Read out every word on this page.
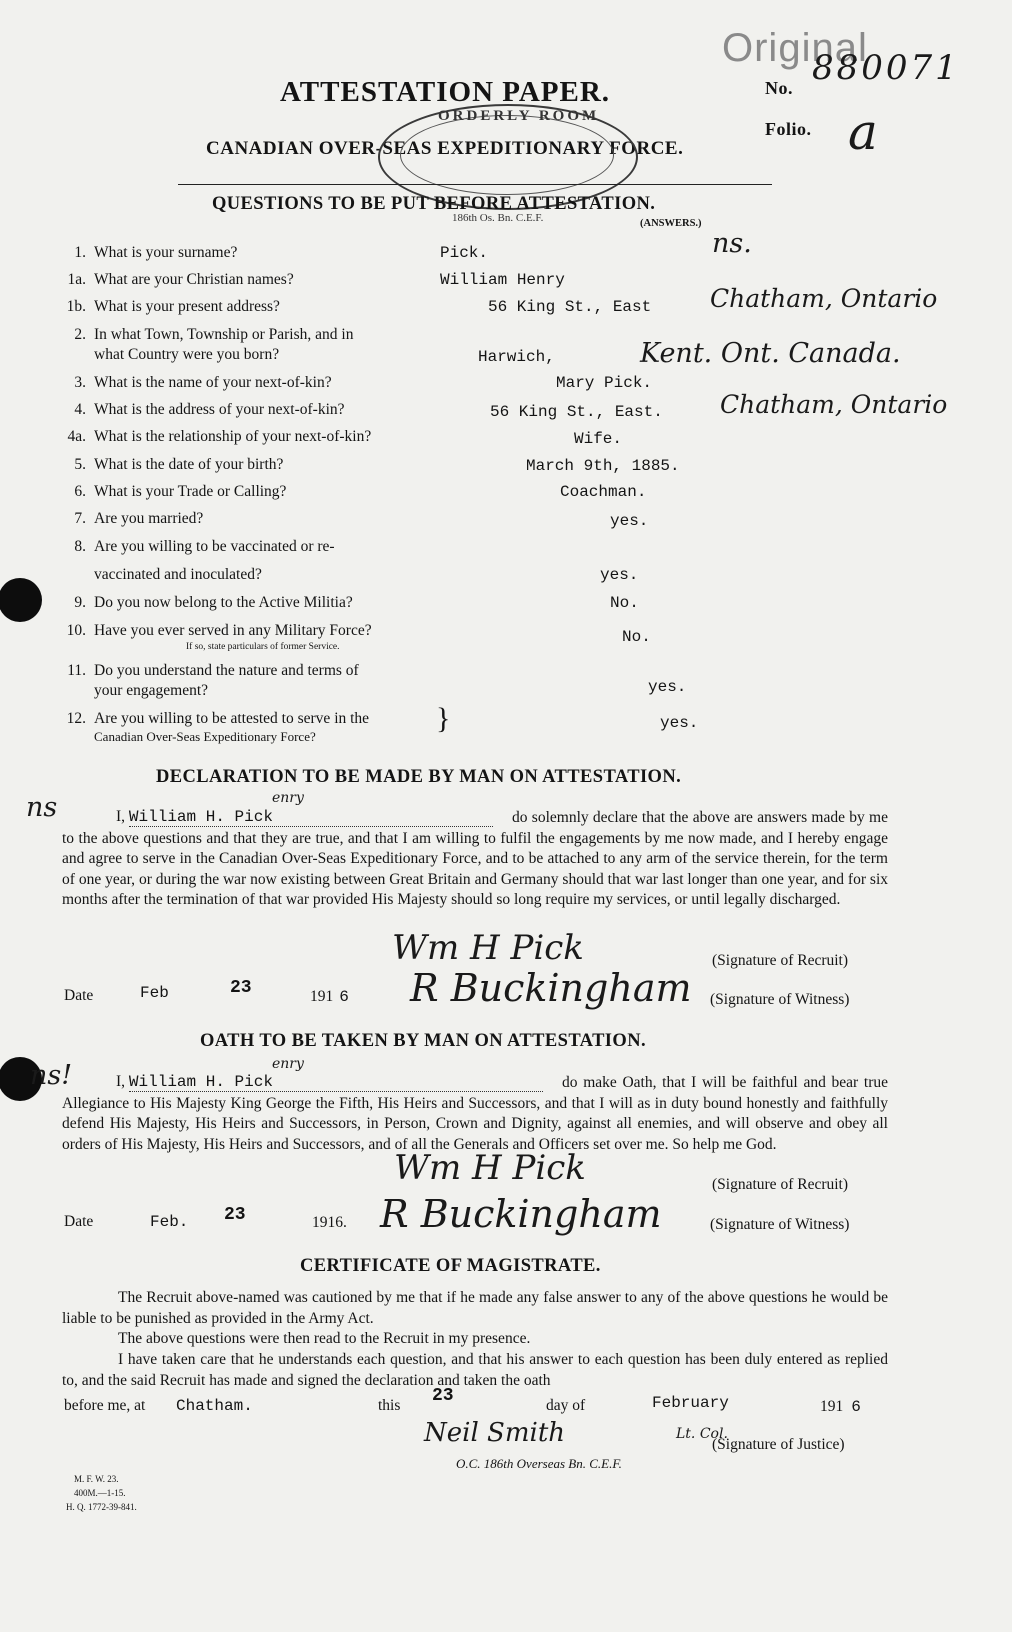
ATTESTATION PAPER.
CANADIAN OVER-SEAS EXPEDITIONARY FORCE.
No.
Folio.
Original
880071
a
ORDERLY ROOM
186th Os. Bn. C.E.F.
QUESTIONS TO BE PUT BEFORE ATTESTATION.
(ANSWERS.)
1. What is your surname?	Pick.	ns.
1a. What are your Christian names?	William Henry
1b. What is your present address?	56 King St., East Chatham, Ontario
2. In what Town, Township or Parish, and in
what Country were you born?	Harwich,	Kent. Ont. Canada.
3. What is the name of your next-of-kin?	Mary Pick.
4. What is the address of your next-of-kin?	56 King St., East. Chatham, Ontario
4a. What is the relationship of your next-of-kin?	Wife.
5. What is the date of your birth?	March 9th, 1885.
6. What is your Trade or Calling?	Coachman.
7. Are you married?	yes.
8. Are you willing to be vaccinated or re-
vaccinated and inoculated?	yes.
9. Do you now belong to the Active Militia?	No.
10. Have you ever served in any Military Force?
If so, state particulars of former Service.
No.
11. Do you understand the nature and terms of
your engagement?	yes.
12. Are you willing to be attested to serve in the
Canadian Over-Seas Expeditionary Force?
}	yes.
DECLARATION TO BE MADE BY MAN ON ATTESTATION.
ns	I, William H. Pick
enry
do solemnly declare that the above are answers made by me to the above questions and that they are true, and that I am willing to fulfil the engagements by me now made, and I hereby engage and agree to serve in the Canadian Over-Seas Expeditionary Force, and to be attached to any arm of the service therein, for the term of one year, or during the war now existing between Great Britain and Germany should that war last longer than one year, and for six months after the termination of that war provided His Majesty should so long require my services, or until legally discharged.
Wm H Pick	(Signature of Recruit)
Date	Feb	23	191 6 R Buckingham (Signature of Witness)
OATH TO BE TAKEN BY MAN ON ATTESTATION.
ns!	I, William H. Pick
enry
do make Oath, that I will be faithful and bear true Allegiance to His Majesty King George the Fifth, His Heirs and Successors, and that I will as in duty bound honestly and faithfully defend His Majesty, His Heirs and Successors, in Person, Crown and Dignity, against all enemies, and will observe and obey all orders of His Majesty, His Heirs and Successors, and of all the Generals and Officers set over me. So help me God.
Wm H Pick	(Signature of Recruit)
Date	Feb. 23	1916. R Buckingham	(Signature of Witness)
CERTIFICATE OF MAGISTRATE.
The Recruit above-named was cautioned by me that if he made any false answer to any of the above questions he would be liable to be punished as provided in the Army Act.
The above questions were then read to the Recruit in my presence.
I have taken care that he understands each question, and that his answer to each question has been duly entered as replied to, and the said Recruit has made and signed the declaration and taken the oath
before me, at Chatham.	this 23	day of	February	191 6
Neil Smith	Lt. Col.
(Signature of Justice)
O.C. 186th Overseas Bn. C.E.F.
M. F. W. 23.
400M.—1-15.
H. Q. 1772-39-841.
